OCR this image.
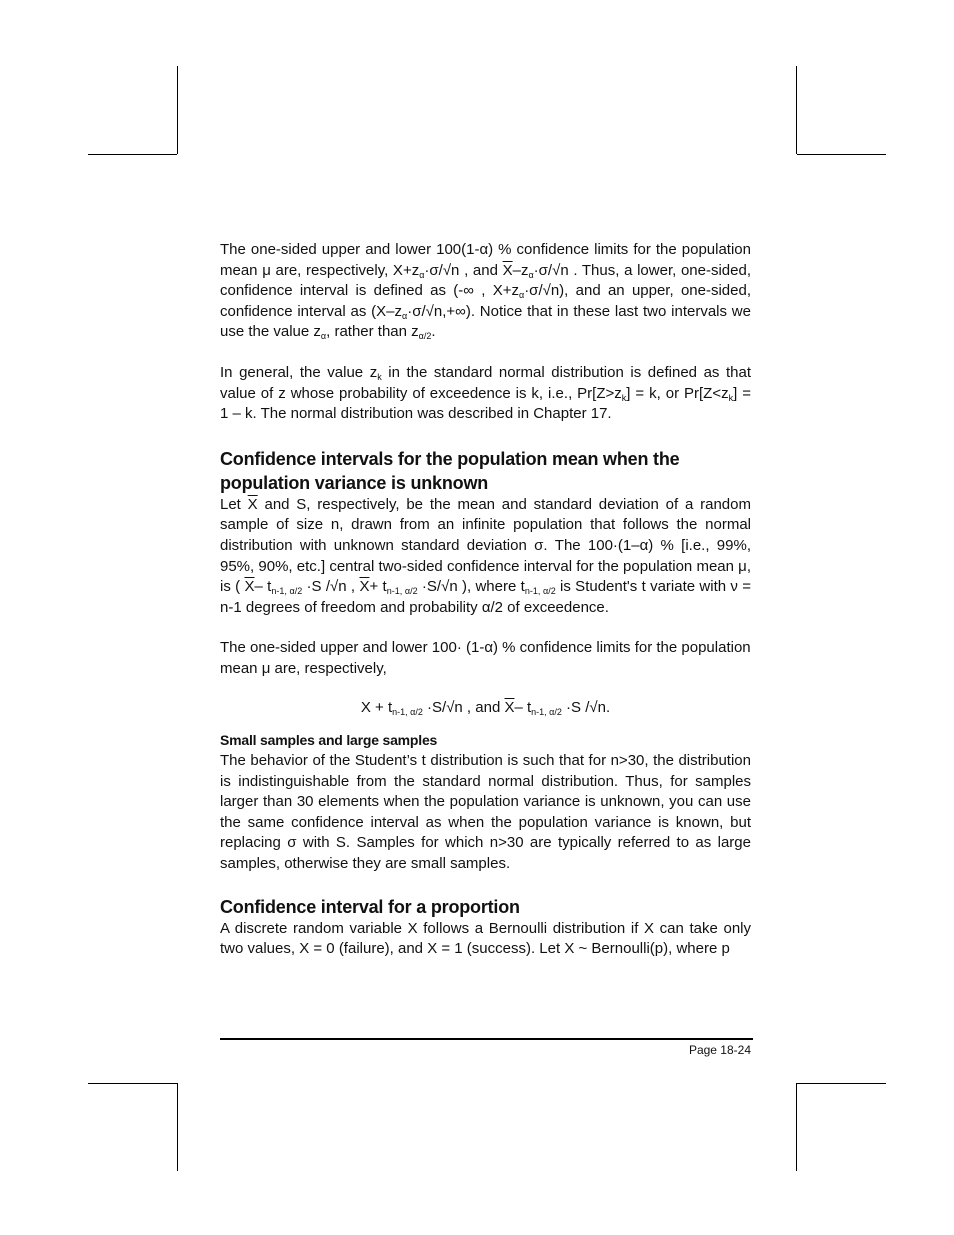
The one-sided upper and lower 100(1-α) % confidence limits for the population mean μ are, respectively, $X+z_\alpha\cdot\sigma/√n$ , and $\overline{X}-z_\alpha\cdot\sigma/√n$ . Thus, a lower, one-sided, confidence interval is defined as (-∞ , $X+z_\alpha\cdot\sigma/√n$), and an upper, one-sided, confidence interval as $(X-z_\alpha\cdot\sigma/√n,+\infty)$. Notice that in these last two intervals we use the value $z_\alpha$, rather than $z_{\alpha/2}$.

In general, the value $z_k$ in the standard normal distribution is defined as that value of z whose probability of exceedence is k, i.e., $Pr[Z>z_k] = k$, or $Pr[Z<z_k] = 1 - k$. The normal distribution was described in Chapter 17.

Confidence intervals for the population mean when the population variance is unknown

Let $\overline{X}$ and S, respectively, be the mean and standard deviation of a random sample of size n, drawn from an infinite population that follows the normal distribution with unknown standard deviation σ. The 100·(1–α) % [i.e., 99%, 95%, 90%, etc.] central two-sided confidence interval for the population mean μ, is ( $\overline{X}-$ $t_{n-1, \alpha/2} \cdot S$ /√n , $\overline{X}+ t_{n-1, \alpha/2} \cdot S/√n$ ), where $t_{n-1, \alpha/2}$ is Student's t variate with ν = n-1 degrees of freedom and probability α/2 of exceedence.

The one-sided upper and lower 100· (1-α) % confidence limits for the population mean μ are, respectively,

$X + t_{n-1, \alpha/2} \cdot S/√n$ , and $\overline{X}-$ $t_{n-1, \alpha/2} \cdot S$ /√n.

Small samples and large samples

The behavior of the Student’s t distribution is such that for n>30, the distribution is indistinguishable from the standard normal distribution. Thus, for samples larger than 30 elements when the population variance is unknown, you can use the same confidence interval as when the population variance is known, but replacing σ with S. Samples for which n>30 are typically referred to as large samples, otherwise they are small samples.

Confidence interval for a proportion

A discrete random variable X follows a Bernoulli distribution if X can take only two values, X = 0 (failure), and X = 1 (success). Let X ~ Bernoulli(p), where p

Page 18-24
